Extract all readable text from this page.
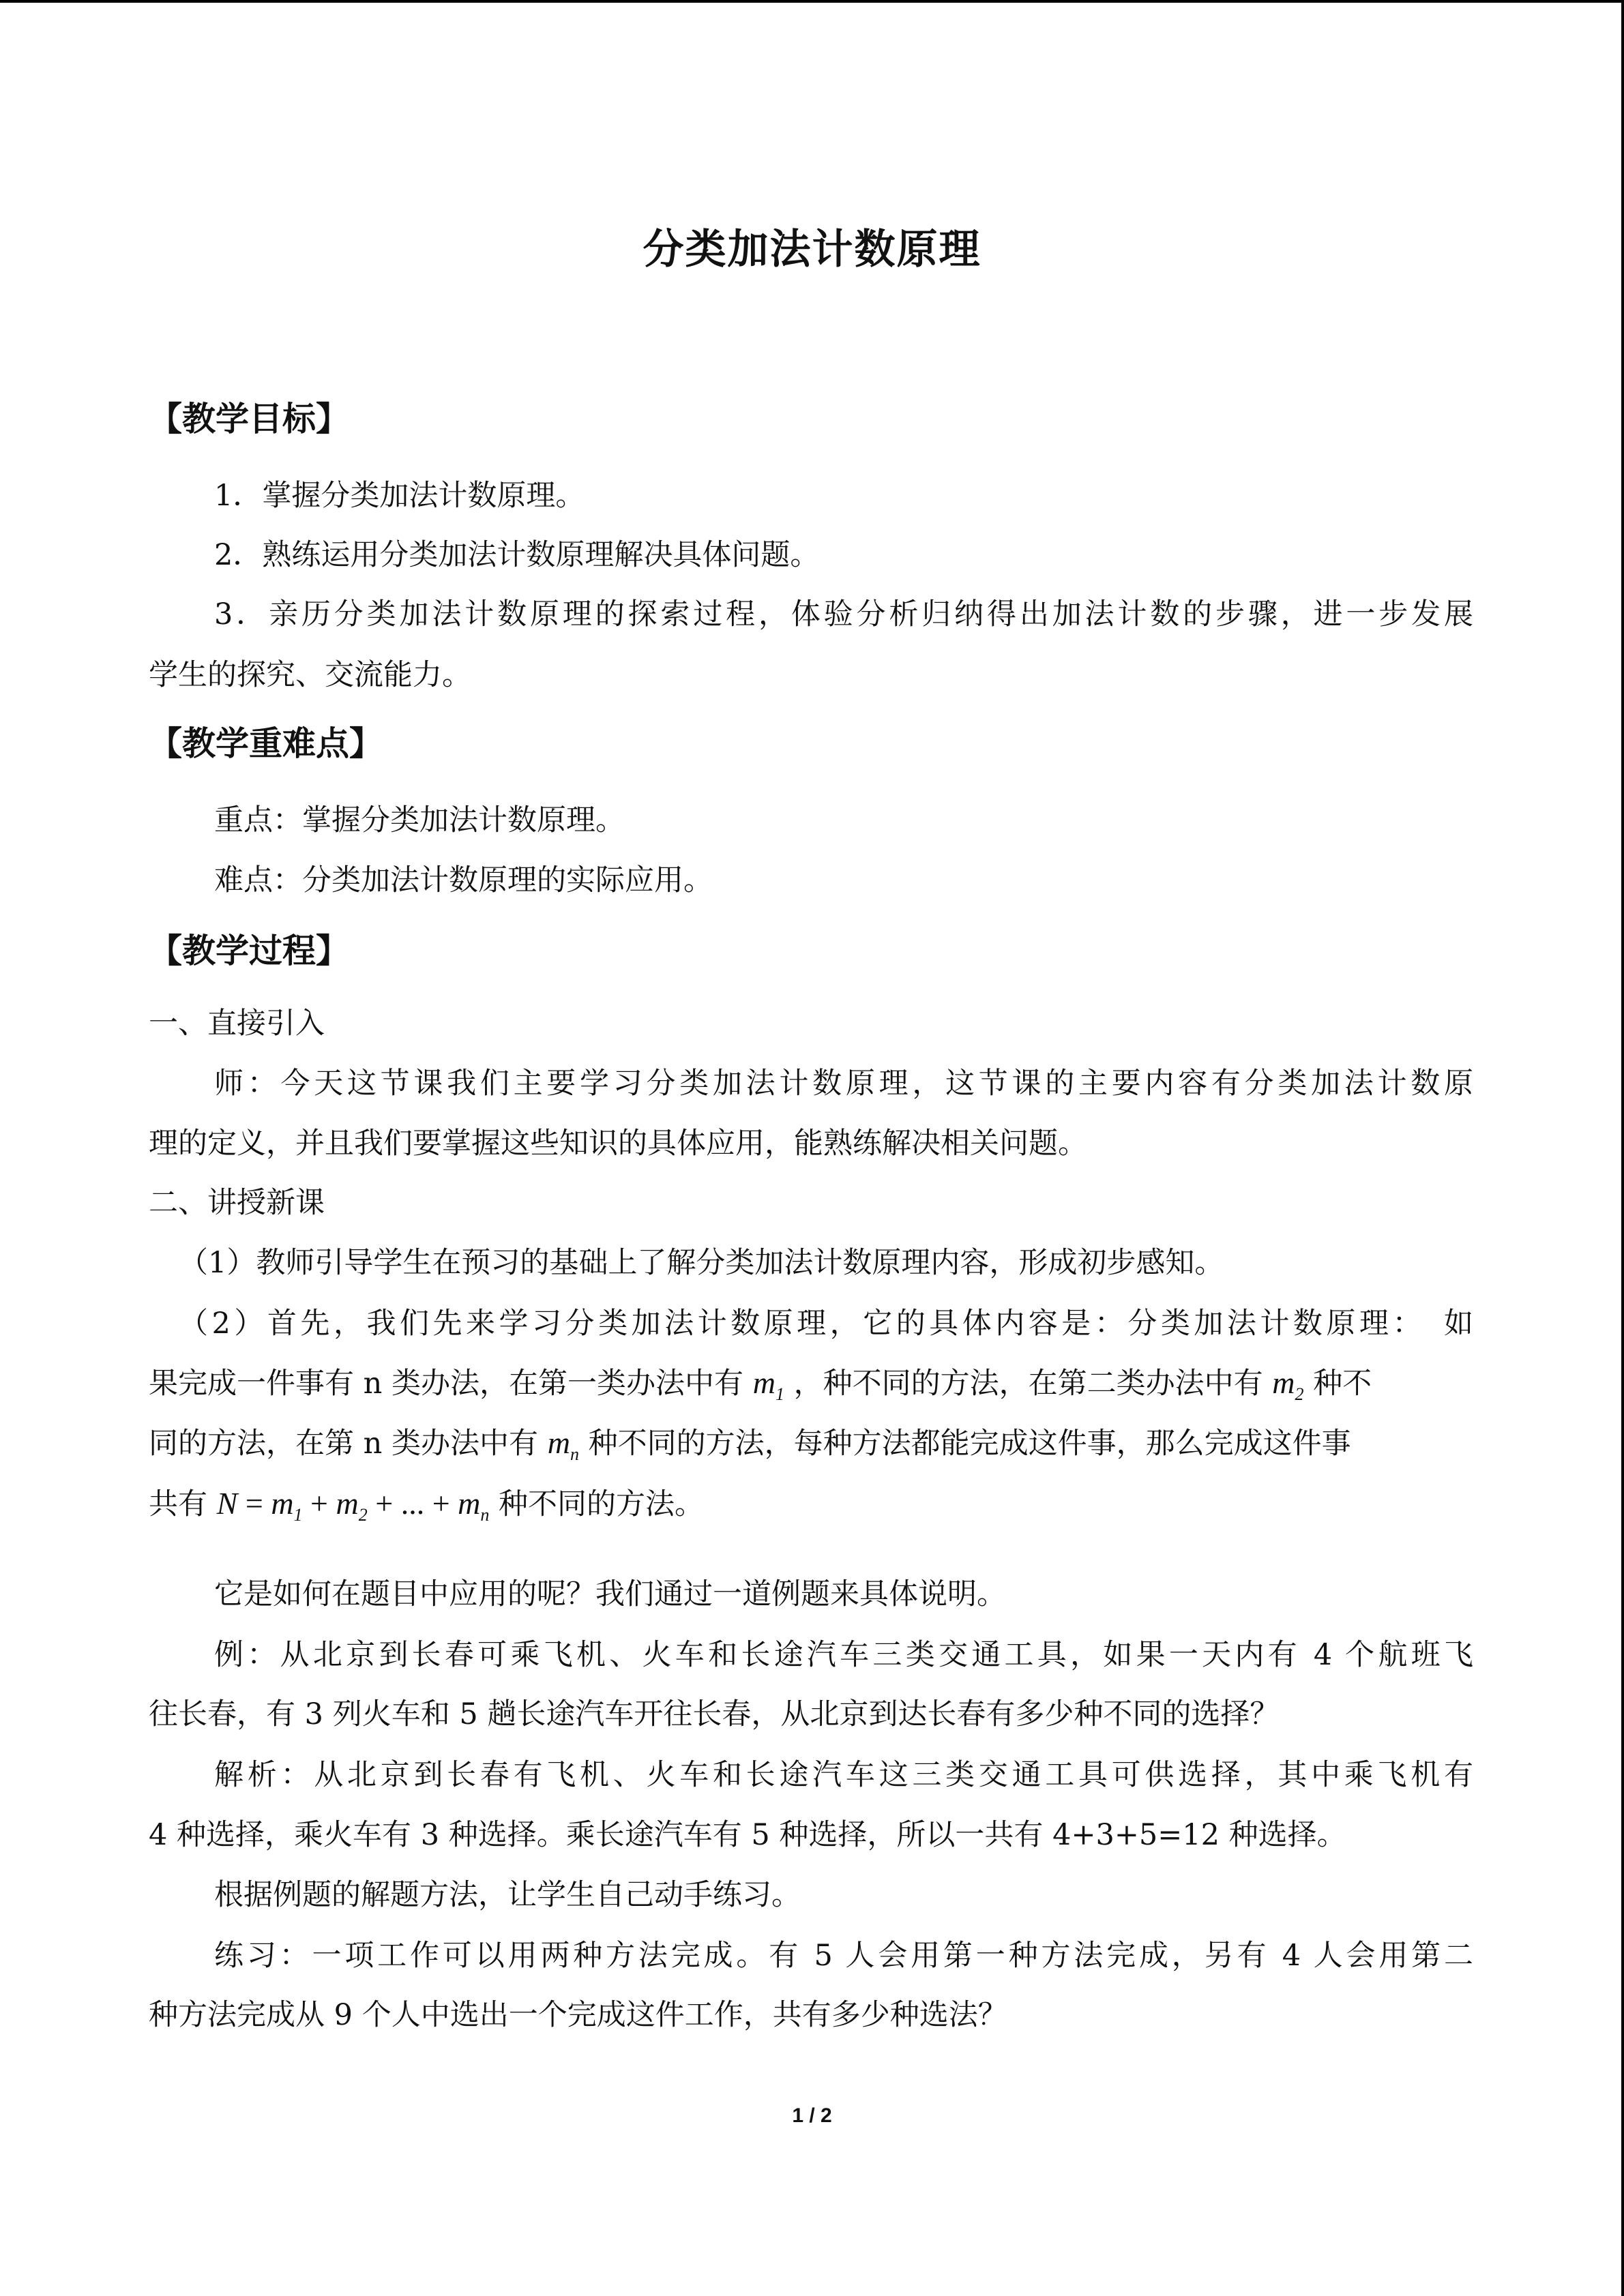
分类加法计数原理
【教学目标】
1．掌握分类加法计数原理。
2．熟练运用分类加法计数原理解决具体问题。
3．亲历分类加法计数原理的探索过程，体验分析归纳得出加法计数的步骤，进一步发展
学生的探究、交流能力。
【教学重难点】
重点：掌握分类加法计数原理。
难点：分类加法计数原理的实际应用。
【教学过程】
一、直接引入
师：今天这节课我们主要学习分类加法计数原理，这节课的主要内容有分类加法计数原
理的定义，并且我们要掌握这些知识的具体应用，能熟练解决相关问题。
二、讲授新课
（1）教师引导学生在预习的基础上了解分类加法计数原理内容，形成初步感知。
（2）首先，我们先来学习分类加法计数原理，它的具体内容是：分类加法计数原理：　如
果完成一件事有 n 类办法，在第一类办法中有 $m_1$ ，种不同的方法，在第二类办法中有 $m_2$ 种不
同的方法，在第 n 类办法中有 $m_n$ 种不同的方法，每种方法都能完成这件事，那么完成这件事
共有 $N = m_1 + m_2$ + ... + $m_n$ 种不同的方法。
它是如何在题目中应用的呢？我们通过一道例题来具体说明。
例：从北京到长春可乘飞机、火车和长途汽车三类交通工具，如果一天内有 4 个航班飞
往长春，有 3 列火车和 5 趟长途汽车开往长春，从北京到达长春有多少种不同的选择？
解析：从北京到长春有飞机、火车和长途汽车这三类交通工具可供选择，其中乘飞机有
4 种选择，乘火车有 3 种选择。乘长途汽车有 5 种选择，所以一共有 4+3+5=12 种选择。
根据例题的解题方法，让学生自己动手练习。
练习：一项工作可以用两种方法完成。有 5 人会用第一种方法完成，另有 4 人会用第二
种方法完成从 9 个人中选出一个完成这件工作，共有多少种选法？
1 / 2
